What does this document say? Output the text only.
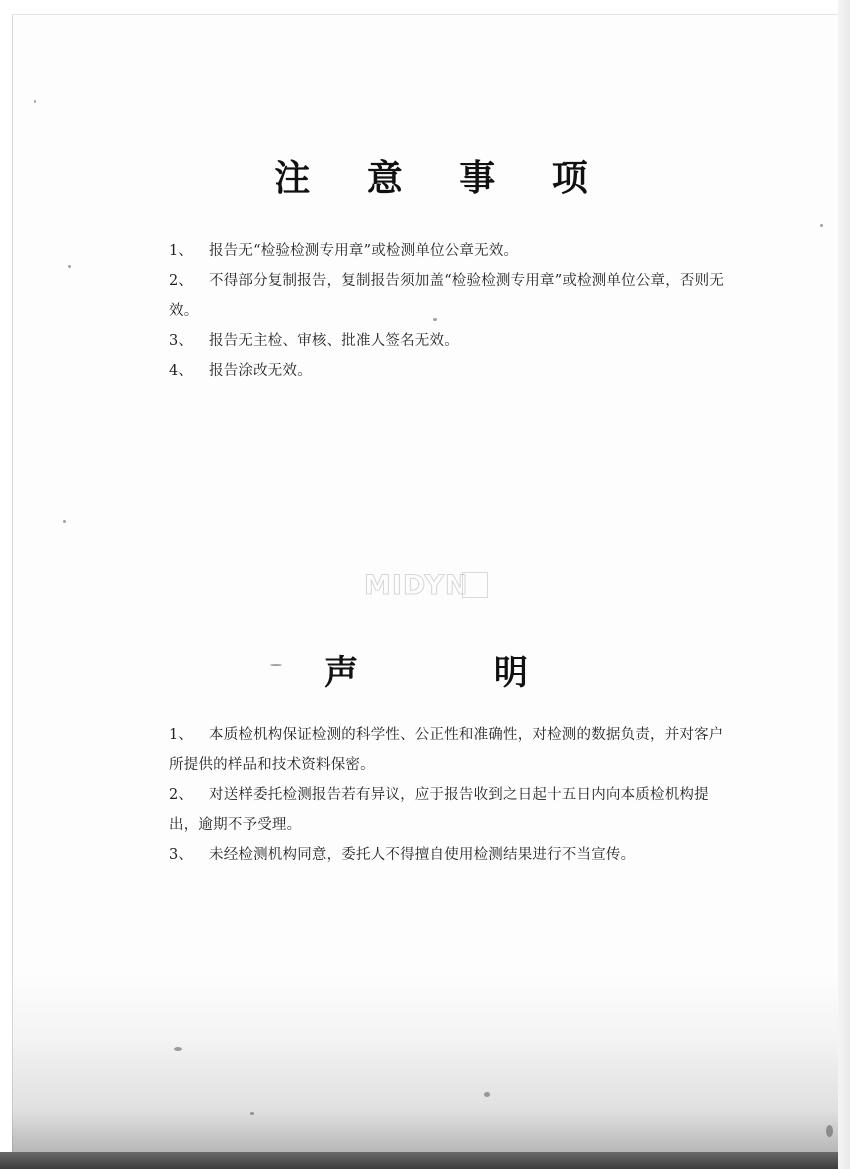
注 意 事 项
1、 报告无“检验检测专用章”或检测单位公章无效。
2、 不得部分复制报告，复制报告须加盖“检验检测专用章”或检测单位公章，否则无效。
3、 报告无主检、审核、批准人签名无效。
4、 报告涂改无效。
MIDYN
声 明
1、 本质检机构保证检测的科学性、公正性和准确性，对检测的数据负责，并对客户所提供的样品和技术资料保密。
2、 对送样委托检测报告若有异议，应于报告收到之日起十五日内向本质检机构提出，逾期不予受理。
3、 未经检测机构同意，委托人不得擅自使用检测结果进行不当宣传。
